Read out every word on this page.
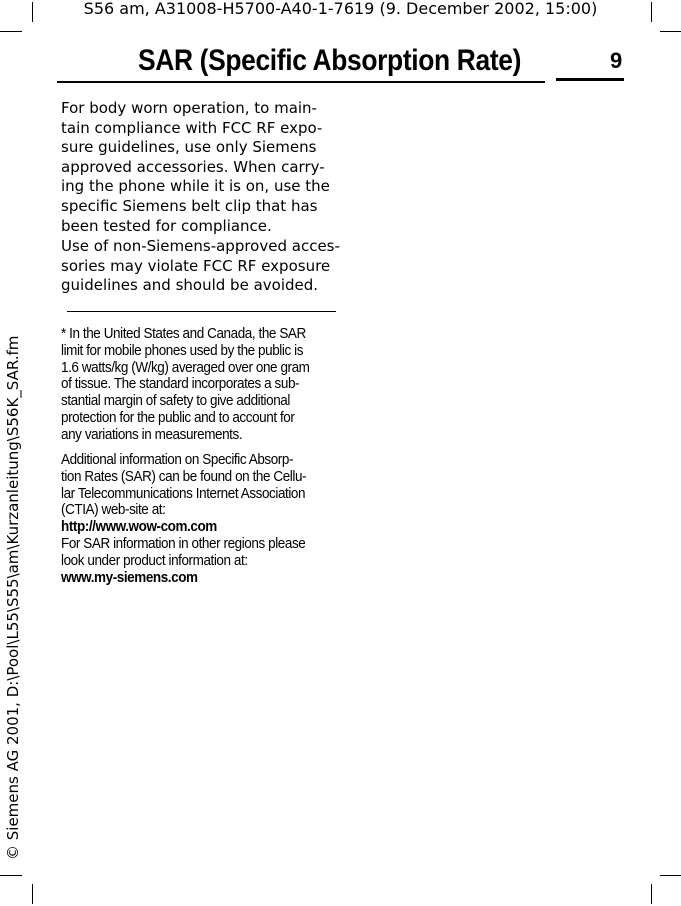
S56 am, A31008-H5700-A40-1-7619 (9. December 2002, 15:00)
SAR (Specific Absorption Rate)	9

For body worn operation, to main-
tain compliance with FCC RF expo-
sure guidelines, use only Siemens
approved accessories. When carry-
ing the phone while it is on, use the
specific Siemens belt clip that has
been tested for compliance.

Use of non-Siemens-approved acces-
sories may violate FCC RF exposure
guidelines and should be avoided.

* In the United States and Canada, the SAR
limit for mobile phones used by the public is
1.6 watts/kg (W/kg) averaged over one gram
of tissue. The standard incorporates a sub-
stantial margin of safety to give additional
protection for the public and to account for
any variations in measurements.

Additional information on Specific Absorp-
tion Rates (SAR) can be found on the Cellu-
lar Telecommunications Internet Association
(CTIA) web-site at:

http://www.wow-com.com

For SAR information in other regions please
look under product information at:

www.my-siemens.com

© Siemens AG 2001, D:\Pool\L55\S55\am\Kurzanleitung\S56K_SAR.fm
